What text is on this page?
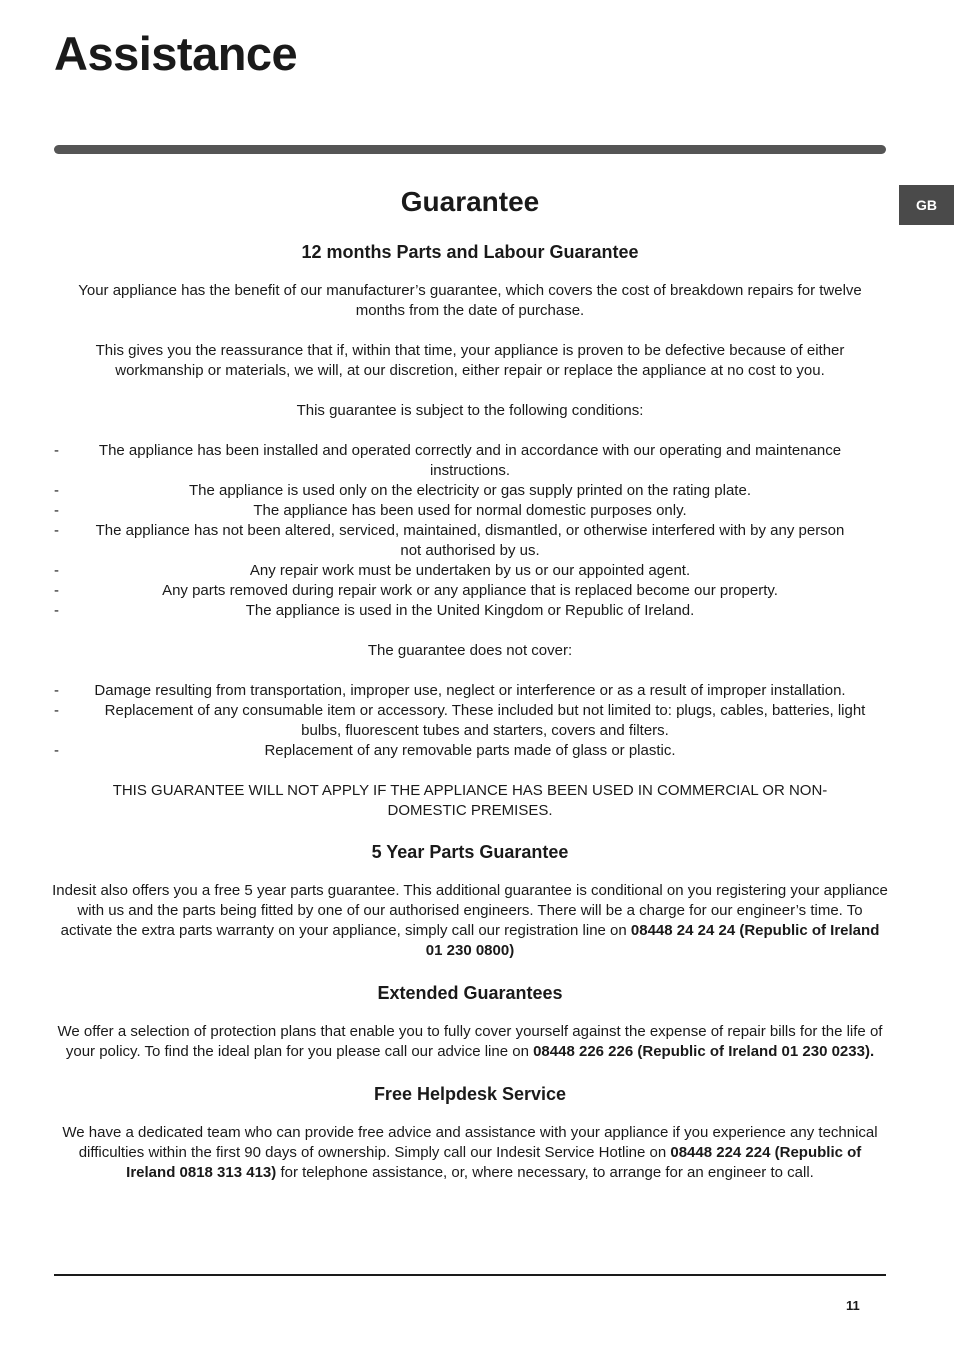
Assistance
GB
Guarantee
12 months Parts and Labour Guarantee

Your appliance has the benefit of our manufacturer’s guarantee, which covers the cost of breakdown repairs for twelve months from the date of purchase.

This gives you the reassurance that if, within that time, your appliance is proven to be defective because of either workmanship or materials, we will, at our discretion, either repair or replace the appliance at no cost to you.

This guarantee is subject to the following conditions:

-	The appliance has been installed and operated correctly and in accordance with our operating and maintenance instructions.
-	The appliance is used only on the electricity or gas supply printed on the rating plate.
-	The appliance has been used for normal domestic purposes only.
- The appliance has not been altered, serviced, maintained, dismantled, or otherwise interfered with by any person not authorised by us.
-	Any repair work must be undertaken by us or our appointed agent.
-	Any parts removed during repair work or any appliance that is replaced become our property.
-	The appliance is used in the United Kingdom or Republic of Ireland.

The guarantee does not cover:

- Damage resulting from transportation, improper use, neglect or interference or as a result of improper installation.
-	Replacement of any consumable item or accessory. These included but not limited to: plugs, cables, batteries, light bulbs, fluorescent tubes and starters, covers and filters.
-	Replacement of any removable parts made of glass or plastic.

THIS GUARANTEE WILL NOT APPLY IF THE APPLIANCE HAS BEEN USED IN COMMERCIAL OR NON-DOMESTIC PREMISES.

5 Year Parts Guarantee

Indesit also offers you a free 5 year parts guarantee. This additional guarantee is conditional on you registering your appliance with us and the parts being fitted by one of our authorised engineers. There will be a charge for our engineer’s time. To activate the extra parts warranty on your appliance, simply call our registration line on 08448 24 24 24 (Republic of Ireland 01 230 0800)

Extended Guarantees

We offer a selection of protection plans that enable you to fully cover yourself against the expense of repair bills for the life of your policy. To find the ideal plan for you please call our advice line on 08448 226 226 (Republic of Ireland 01 230 0233).

Free Helpdesk Service

We have a dedicated team who can provide free advice and assistance with your appliance if you experience any technical difficulties within the first 90 days of ownership. Simply call our Indesit Service Hotline on 08448 224 224 (Republic of Ireland 0818 313 413) for telephone assistance, or, where necessary, to arrange for an engineer to call.

11
